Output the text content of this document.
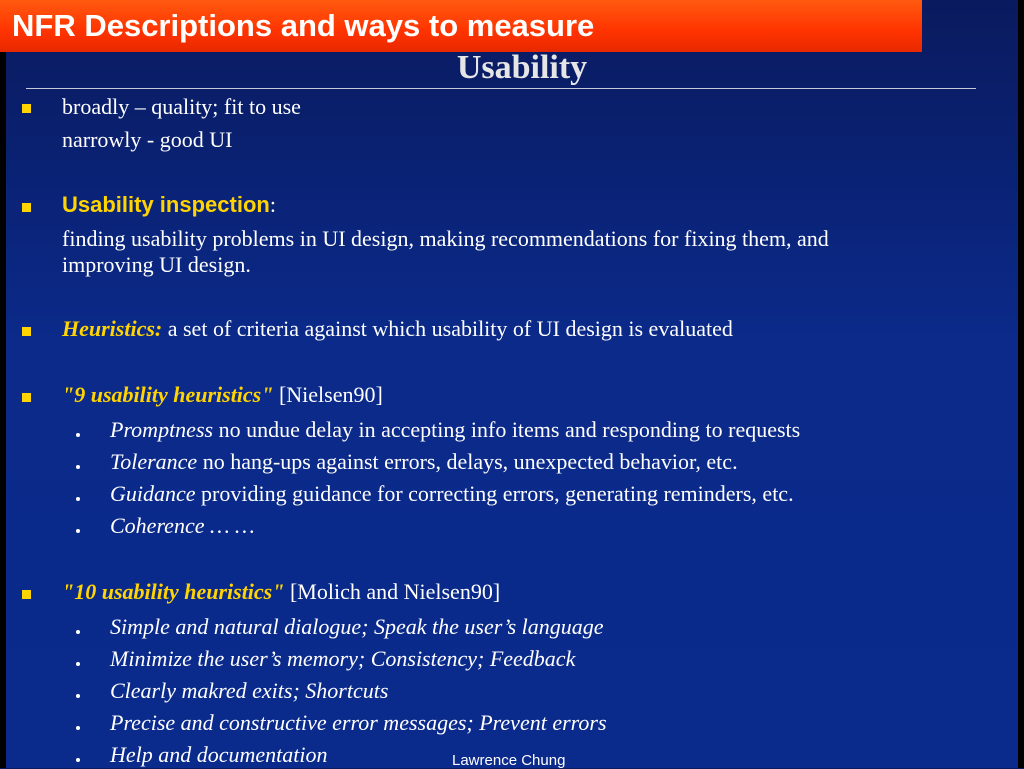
NFR Descriptions and ways to measure
Usability
broadly – quality; fit to use
narrowly - good UI
Usability inspection:
finding usability problems in UI design, making recommendations for fixing them, and
improving UI design.
Heuristics: a set of criteria against which usability of UI design is evaluated
"9 usability heuristics" [Nielsen90]
Promptness no undue delay in accepting info items and responding to requests
Tolerance no hang-ups against errors, delays, unexpected behavior, etc.
Guidance providing guidance for correcting errors, generating reminders, etc.
Coherence … …
"10 usability heuristics" [Molich and Nielsen90]
Simple and natural dialogue; Speak the user’s language
Minimize the user’s memory; Consistency; Feedback
Clearly makred exits; Shortcuts
Precise and constructive error messages; Prevent errors
Help and documentation	Lawrence Chung
